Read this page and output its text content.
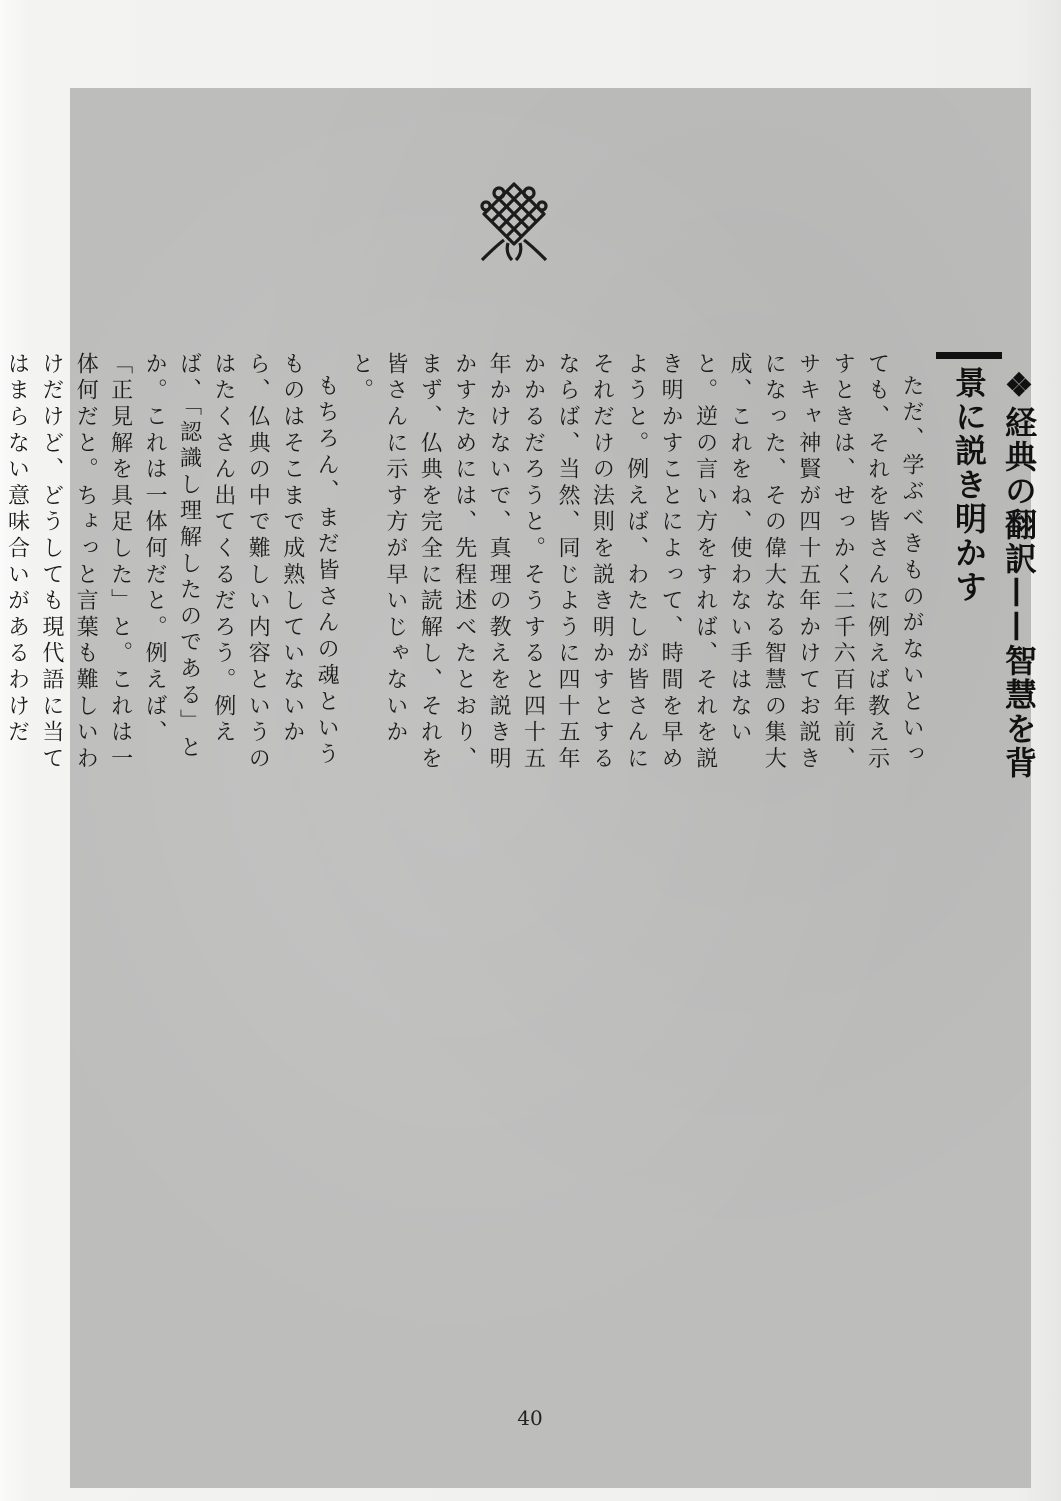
❖経典の翻訳——智慧を背景に説き明かす

ただ、学ぶべきものがないといっても、それを皆さんに例えば教え示すときは、せっかく二千六百年前、サキャ神賢が四十五年かけてお説きになった、その偉大なる智慧の集大成、これをね、使わない手はないと。逆の言い方をすれば、それを説き明かすことによって、時間を早めようと。例えば、わたしが皆さんにそれだけの法則を説き明かすとするならば、当然、同じように四十五年かかるだろうと。そうすると四十五年かけないで、真理の教えを説き明かすためには、先程述べたとおり、まず、仏典を完全に読解し、それを皆さんに示す方が早いじゃないかと。

もちろん、まだ皆さんの魂というものはそこまで成熟していないから、仏典の中で難しい内容というのはたくさん出てくるだろう。例えば、「認識し理解したのである」とか。これは一体何だと。例えば、「正見解を具足した」と。これは一体何だと。ちょっと言葉も難しいわけだけど、どうしても現代語に当てはまらない意味合いがあるわけだ

40
